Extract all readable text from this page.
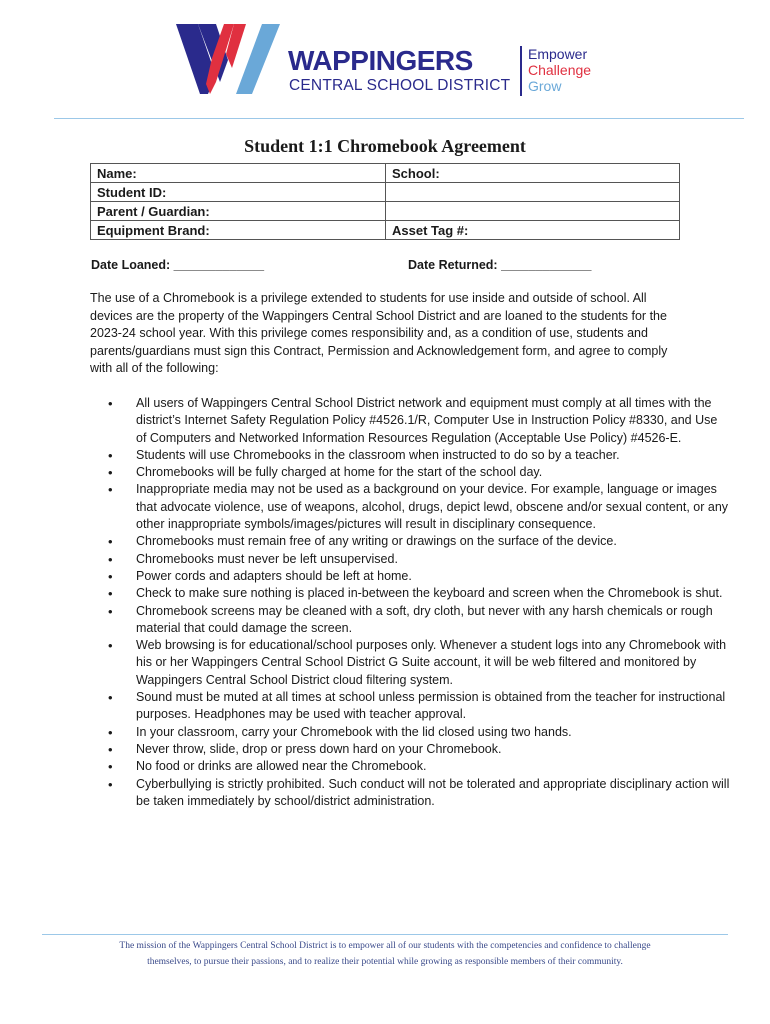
WAPPINGERS
CENTRAL SCHOOL DISTRICT
Empower
Challenge
Grow
Student 1:1 Chromebook Agreement
Name:	School:
Student ID:	
Parent / Guardian:	
Equipment Brand:	Asset Tag #:
Date Loaned: _____________	Date Returned: _____________
The use of a Chromebook is a privilege extended to students for use inside and outside of school. All devices are the property of the Wappingers Central School District and are loaned to the students for the 2023-24 school year. With this privilege comes responsibility and, as a condition of use, students and parents/guardians must sign this Contract, Permission and Acknowledgement form, and agree to comply with all of the following:
• All users of Wappingers Central School District network and equipment must comply at all times with the district’s Internet Safety Regulation Policy #4526.1/R, Computer Use in Instruction Policy #8330, and Use of Computers and Networked Information Resources Regulation (Acceptable Use Policy) #4526-E.
• Students will use Chromebooks in the classroom when instructed to do so by a teacher.
• Chromebooks will be fully charged at home for the start of the school day.
• Inappropriate media may not be used as a background on your device. For example, language or images that advocate violence, use of weapons, alcohol, drugs, depict lewd, obscene and/or sexual content, or any other inappropriate symbols/images/pictures will result in disciplinary consequence.
• Chromebooks must remain free of any writing or drawings on the surface of the device.
• Chromebooks must never be left unsupervised.
• Power cords and adapters should be left at home.
• Check to make sure nothing is placed in-between the keyboard and screen when the Chromebook is shut.
• Chromebook screens may be cleaned with a soft, dry cloth, but never with any harsh chemicals or rough material that could damage the screen.
• Web browsing is for educational/school purposes only. Whenever a student logs into any Chromebook with his or her Wappingers Central School District G Suite account, it will be web filtered and monitored by Wappingers Central School District cloud filtering system.
• Sound must be muted at all times at school unless permission is obtained from the teacher for instructional purposes. Headphones may be used with teacher approval.
• In your classroom, carry your Chromebook with the lid closed using two hands.
• Never throw, slide, drop or press down hard on your Chromebook.
• No food or drinks are allowed near the Chromebook.
• Cyberbullying is strictly prohibited. Such conduct will not be tolerated and appropriate disciplinary action will be taken immediately by school/district administration.
The mission of the Wappingers Central School District is to empower all of our students with the competencies and confidence to challenge themselves, to pursue their passions, and to realize their potential while growing as responsible members of their community.
